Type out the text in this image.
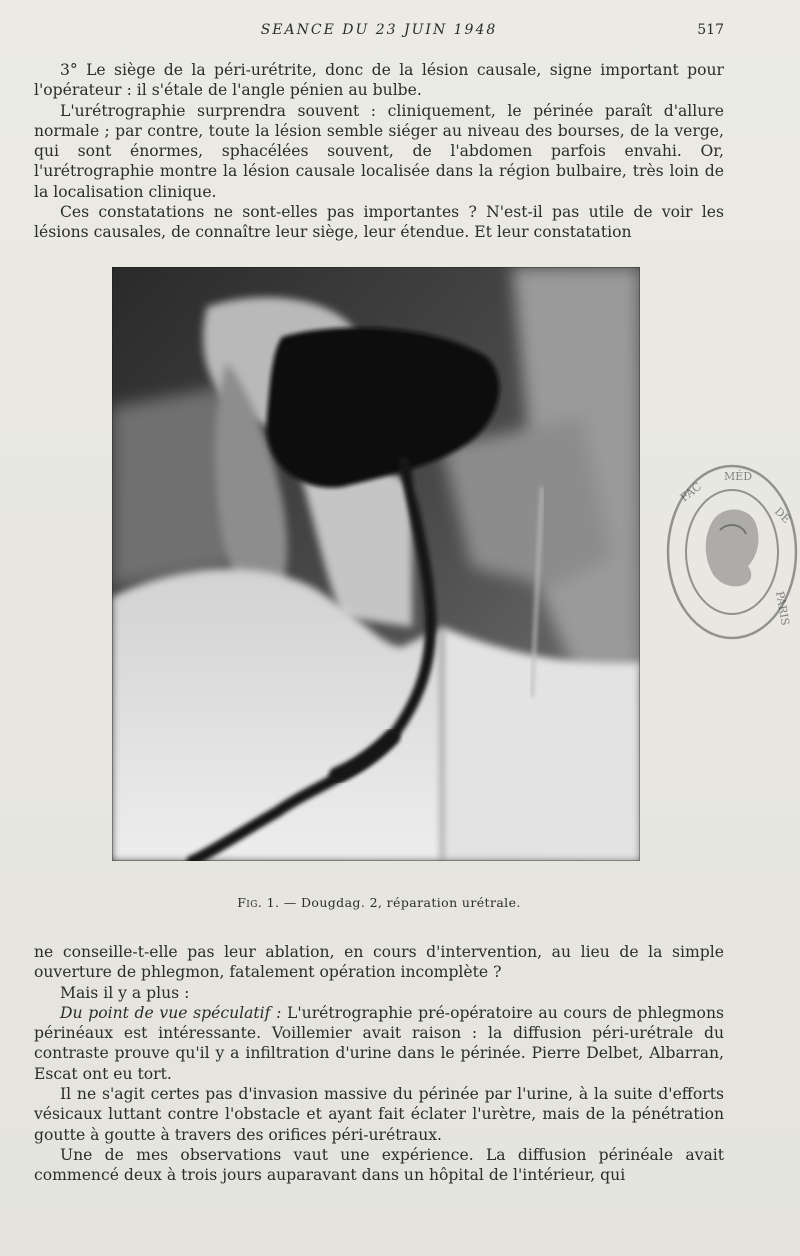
SEANCE DU 23 JUIN 1948	517

3° Le siège de la péri-urétrite, donc de la lésion causale, signe important pour l'opérateur : il s'étale de l'angle pénien au bulbe.

L'urétrographie surprendra souvent : cliniquement, le périnée paraît d'allure normale ; par contre, toute la lésion semble siéger au niveau des bourses, de la verge, qui sont énormes, sphacélées souvent, de l'abdomen parfois envahi. Or, l'urétrographie montre la lésion causale localisée dans la région bulbaire, très loin de la localisation clinique.

Ces constatations ne sont-elles pas importantes ? N'est-il pas utile de voir les lésions causales, de connaître leur siège, leur étendue. Et leur constatation

Fig. 1. — Dougdag. 2, réparation urétrale.
FAC
MÉD
DE
PARIS

ne conseille-t-elle pas leur ablation, en cours d'intervention, au lieu de la simple ouverture de phlegmon, fatalement opération incomplète ?

Mais il y a plus :

Du point de vue spéculatif : L'urétrographie pré-opératoire au cours de phlegmons périnéaux est intéressante. Voillemier avait raison : la diffusion péri-urétrale du contraste prouve qu'il y a infiltration d'urine dans le périnée. Pierre Delbet, Albarran, Escat ont eu tort.

Il ne s'agit certes pas d'invasion massive du périnée par l'urine, à la suite d'efforts vésicaux luttant contre l'obstacle et ayant fait éclater l'urètre, mais de la pénétration goutte à goutte à travers des orifices péri-urétraux.

Une de mes observations vaut une expérience. La diffusion périnéale avait commencé deux à trois jours auparavant dans un hôpital de l'intérieur, qui
